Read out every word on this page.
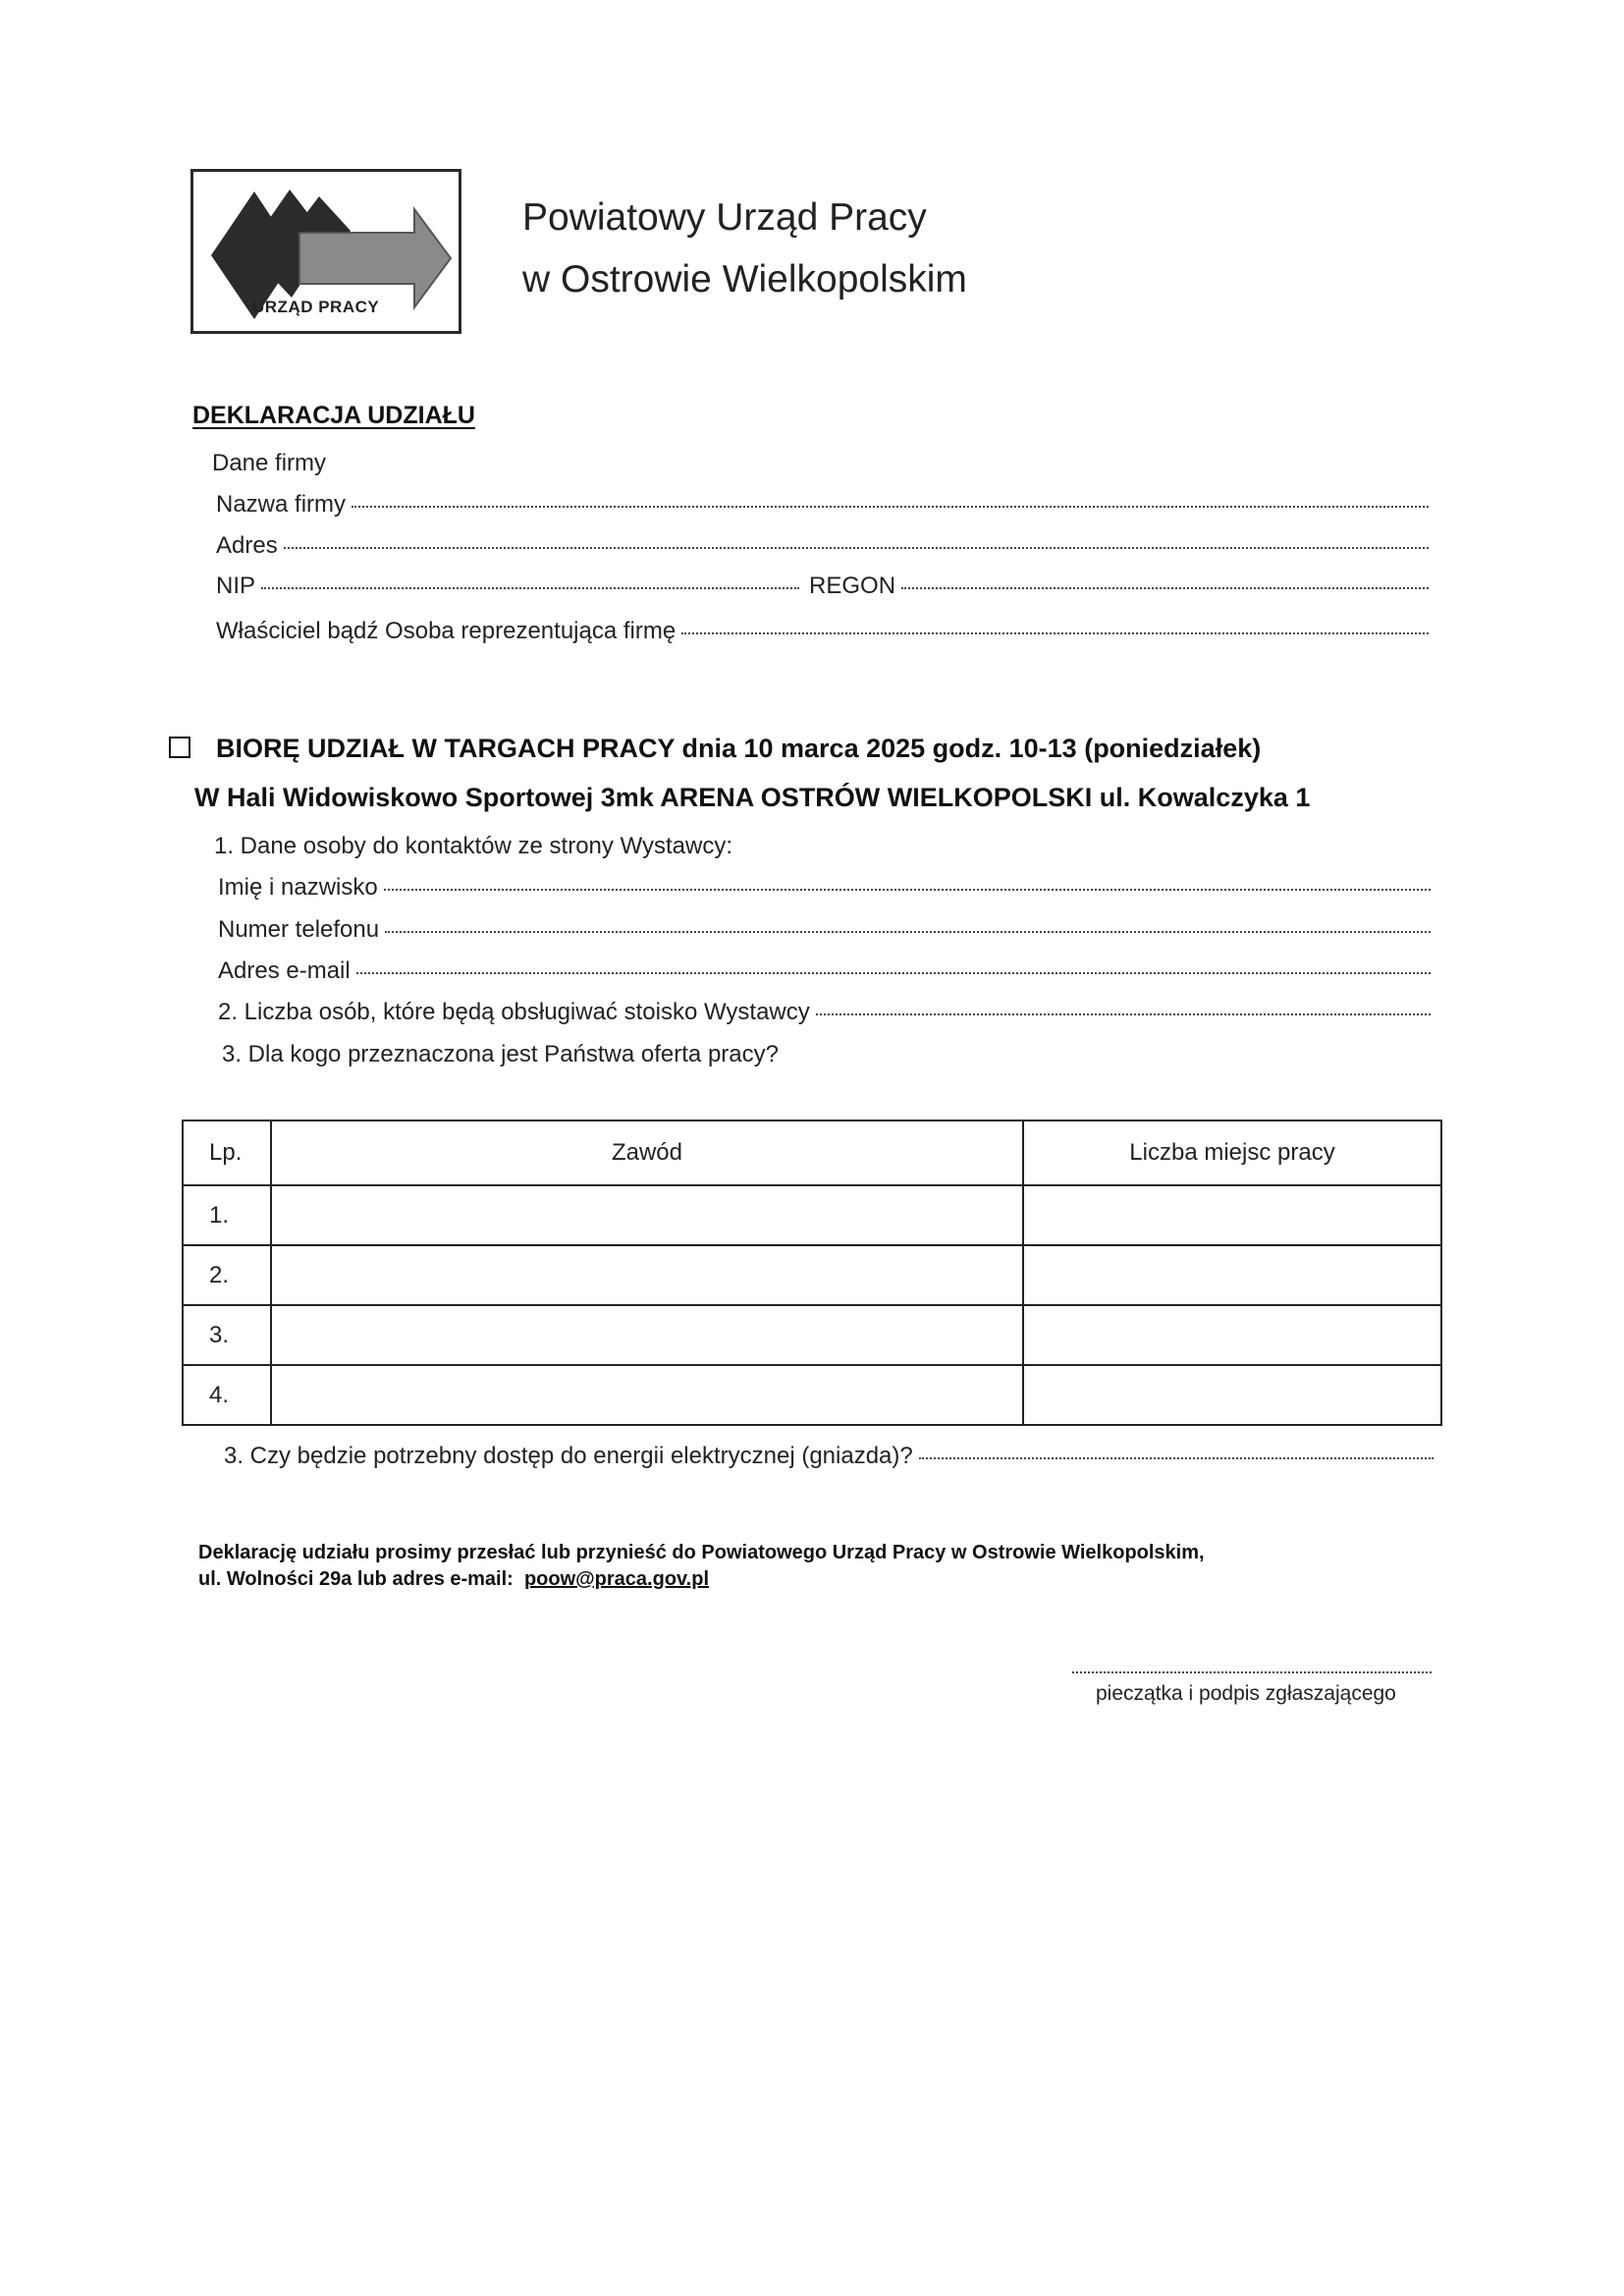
URZĄD PRACY
Powiatowy Urząd Pracy
w Ostrowie Wielkopolskim
DEKLARACJA UDZIAŁU
Dane firmy
Nazwa firmy
Adres
NIP	REGON
Właściciel bądź Osoba reprezentująca firmę
BIORĘ UDZIAŁ W TARGACH PRACY dnia 10 marca 2025 godz. 10-13 (poniedziałek)
W Hali Widowiskowo Sportowej 3mk ARENA OSTRÓW WIELKOPOLSKI ul. Kowalczyka 1
1. Dane osoby do kontaktów ze strony Wystawcy:
Imię i nazwisko
Numer telefonu
Adres e-mail
2. Liczba osób, które będą obsługiwać stoisko Wystawcy
3. Dla kogo przeznaczona jest Państwa oferta pracy?
Lp.	Zawód	Liczba miejsc pracy
1.		
2.		
3.		
4.		
3. Czy będzie potrzebny dostęp do energii elektrycznej (gniazda)?
Deklarację udziału prosimy przesłać lub przynieść do Powiatowego Urząd Pracy w Ostrowie Wielkopolskim,
ul. Wolności 29a lub adres e-mail: poow@praca.gov.pl
pieczątka i podpis zgłaszającego
